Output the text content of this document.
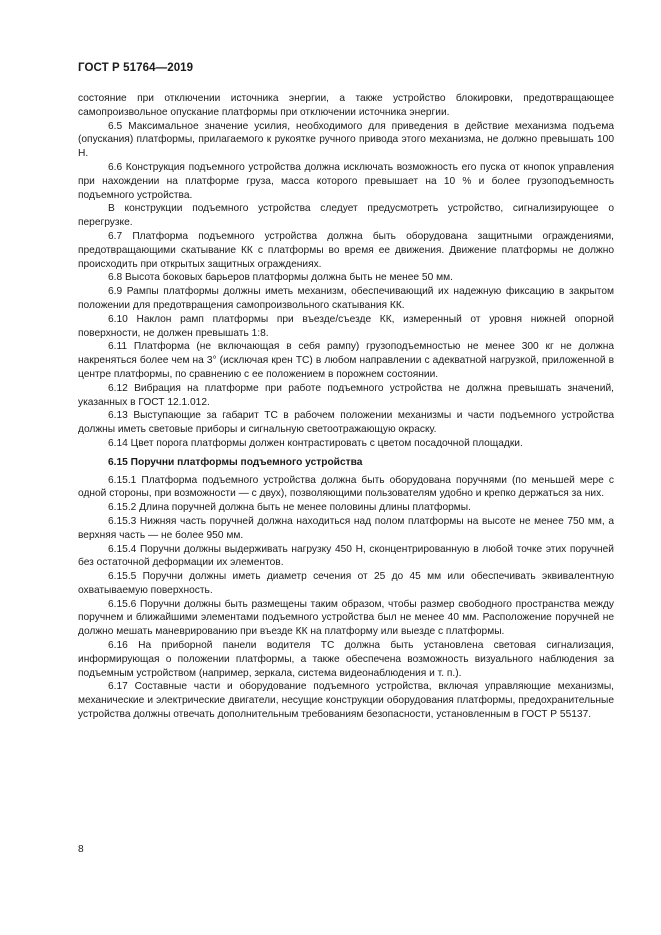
ГОСТ Р 51764—2019

состояние при отключении источника энергии, а также устройство блокировки, предотвращающее самопроизвольное опускание платформы при отключении источника энергии.

6.5 Максимальное значение усилия, необходимого для приведения в действие механизма подъема (опускания) платформы, прилагаемого к рукоятке ручного привода этого механизма, не должно превышать 100 Н.

6.6 Конструкция подъемного устройства должна исключать возможность его пуска от кнопок управления при нахождении на платформе груза, масса которого превышает на 10 % и более грузоподъемность подъемного устройства.

В конструкции подъемного устройства следует предусмотреть устройство, сигнализирующее о перегрузке.

6.7 Платформа подъемного устройства должна быть оборудована защитными ограждениями, предотвращающими скатывание КК с платформы во время ее движения. Движение платформы не должно происходить при открытых защитных ограждениях.

6.8 Высота боковых барьеров платформы должна быть не менее 50 мм.

6.9 Рампы платформы должны иметь механизм, обеспечивающий их надежную фиксацию в закрытом положении для предотвращения самопроизвольного скатывания КК.

6.10 Наклон рамп платформы при въезде/съезде КК, измеренный от уровня нижней опорной поверхности, не должен превышать 1:8.

6.11 Платформа (не включающая в себя рампу) грузоподъемностью не менее 300 кг не должна накреняться более чем на 3° (исключая крен ТС) в любом направлении с адекватной нагрузкой, приложенной в центре платформы, по сравнению с ее положением в порожнем состоянии.

6.12 Вибрация на платформе при работе подъемного устройства не должна превышать значений, указанных в ГОСТ 12.1.012.

6.13 Выступающие за габарит ТС в рабочем положении механизмы и части подъемного устройства должны иметь световые приборы и сигнальную светоотражающую окраску.

6.14 Цвет порога платформы должен контрастировать с цветом посадочной площадки.

6.15 Поручни платформы подъемного устройства

6.15.1 Платформа подъемного устройства должна быть оборудована поручнями (по меньшей мере с одной стороны, при возможности — с двух), позволяющими пользователям удобно и крепко держаться за них.

6.15.2 Длина поручней должна быть не менее половины длины платформы.

6.15.3 Нижняя часть поручней должна находиться над полом платформы на высоте не менее 750 мм, а верхняя часть — не более 950 мм.

6.15.4 Поручни должны выдерживать нагрузку 450 Н, сконцентрированную в любой точке этих поручней без остаточной деформации их элементов.

6.15.5 Поручни должны иметь диаметр сечения от 25 до 45 мм или обеспечивать эквивалентную охватываемую поверхность.

6.15.6 Поручни должны быть размещены таким образом, чтобы размер свободного пространства между поручнем и ближайшими элементами подъемного устройства был не менее 40 мм. Расположение поручней не должно мешать маневрированию при въезде КК на платформу или выезде с платформы.

6.16 На приборной панели водителя ТС должна быть установлена световая сигнализация, информирующая о положении платформы, а также обеспечена возможность визуального наблюдения за подъемным устройством (например, зеркала, система видеонаблюдения и т. п.).

6.17 Составные части и оборудование подъемного устройства, включая управляющие механизмы, механические и электрические двигатели, несущие конструкции оборудования платформы, предохранительные устройства должны отвечать дополнительным требованиям безопасности, установленным в ГОСТ Р 55137.

8
